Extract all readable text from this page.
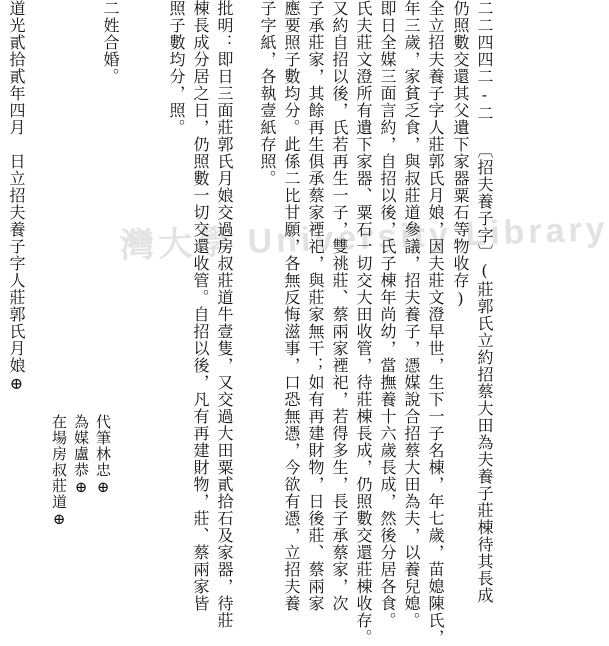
灣大學 University Library
二二四四二-二 〔招夫養子字〕(莊郭氏立約招蔡大田為夫養子莊棟待其長成
仍照數交還其父遺下家器粟石等物收存)
全立招夫養子字人莊郭氏月娘，因夫莊文澄早世，生下一子名棟，年七歲，苗媳陳氏，
年三歲，家貧乏食，與叔莊道參議，招夫養子，憑媒說合招蔡大田為夫，以養兒媳。
即日全媒三面言約，自招以後，氏子棟年尚幼，當撫養十六歲長成，然後分居各食。
氏夫莊文澄所有遺下家器、粟石一切交大田收管，待莊棟長成，仍照數交還莊棟收存。
又約自招以後，氏若再生一子，雙祧莊、蔡兩家禋祀，若得多生，長子承蔡家，次
子承莊家，其餘再生俱承蔡家禋祀，與莊家無干；如有再建財物，日後莊、蔡兩家
應要照子數均分。此係二比甘願，各無反悔滋事，口恐無憑，今欲有憑，立招夫養
子字紙，各執壹紙存照。
批明：即日三面莊郭氏月娘交過房叔莊道牛壹隻，又交過大田粟貳拾石及家器，待莊
棟長成分居之日，仍照數一切交還收管。自招以後，凡有再建財物，莊、蔡兩家皆
照子數均分，照。
二姓合婚。
道光貳拾貳年四月　日立招夫養子字人莊郭氏月娘⊕
代筆林忠⊕
為媒盧恭⊕
在場房叔莊道⊕
